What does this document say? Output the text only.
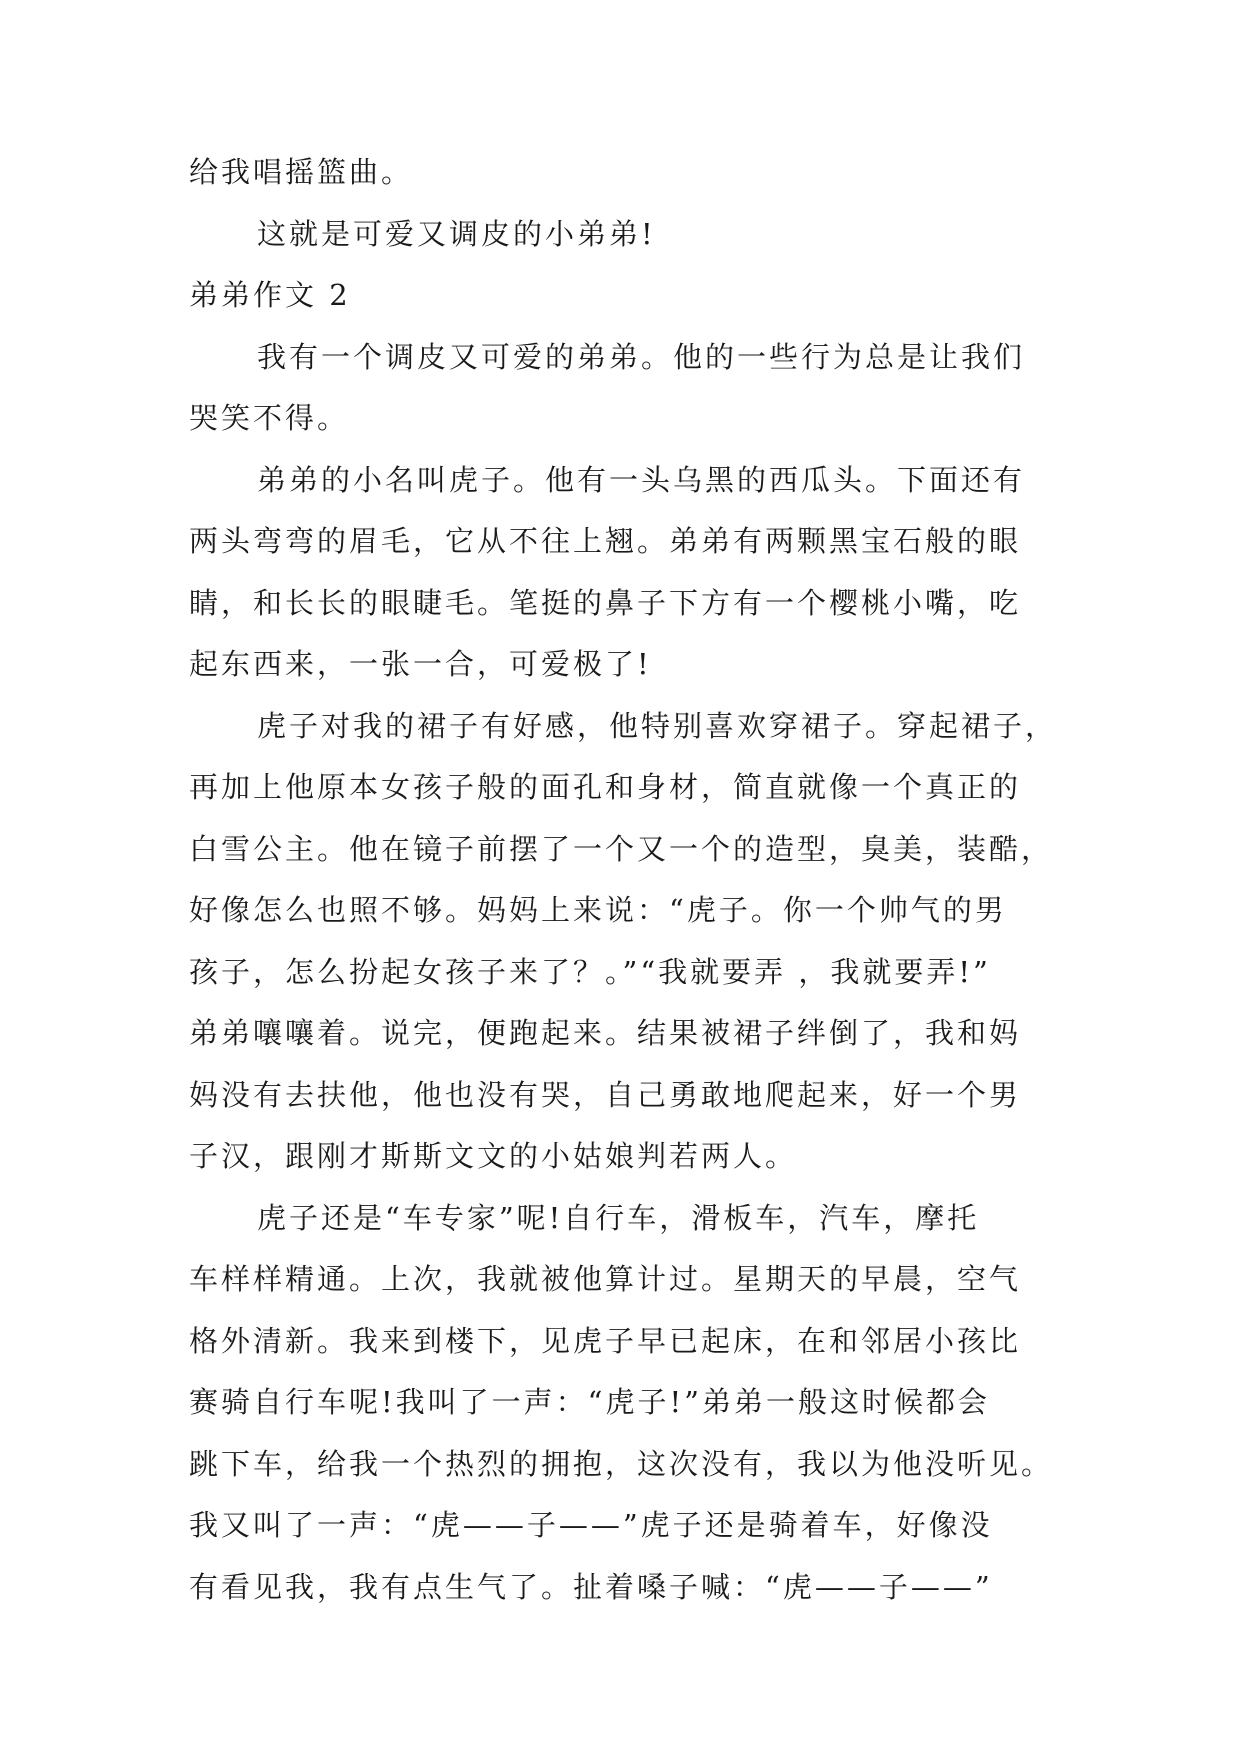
给我唱摇篮曲。
这就是可爱又调皮的小弟弟!
弟弟作文 2
我有一个调皮又可爱的弟弟。他的一些行为总是让我们
哭笑不得。
弟弟的小名叫虎子。他有一头乌黑的西瓜头。下面还有
两头弯弯的眉毛，它从不往上翘。弟弟有两颗黑宝石般的眼
睛，和长长的眼睫毛。笔挺的鼻子下方有一个樱桃小嘴，吃
起东西来，一张一合，可爱极了!
虎子对我的裙子有好感，他特别喜欢穿裙子。穿起裙子，
再加上他原本女孩子般的面孔和身材，简直就像一个真正的
白雪公主。他在镜子前摆了一个又一个的造型，臭美，装酷，
好像怎么也照不够。妈妈上来说：“虎子。你一个帅气的男
孩子，怎么扮起女孩子来了？。”“我就要弄 ，我就要弄!”
弟弟嚷嚷着。说完，便跑起来。结果被裙子绊倒了，我和妈
妈没有去扶他，他也没有哭，自己勇敢地爬起来，好一个男
子汉，跟刚才斯斯文文的小姑娘判若两人。
虎子还是“车专家”呢!自行车，滑板车，汽车，摩托
车样样精通。上次，我就被他算计过。星期天的早晨，空气
格外清新。我来到楼下，见虎子早已起床，在和邻居小孩比
赛骑自行车呢!我叫了一声：“虎子!”弟弟一般这时候都会
跳下车，给我一个热烈的拥抱，这次没有，我以为他没听见。
我又叫了一声：“虎——子——”虎子还是骑着车，好像没
有看见我，我有点生气了。扯着嗓子喊：“虎——子——”
